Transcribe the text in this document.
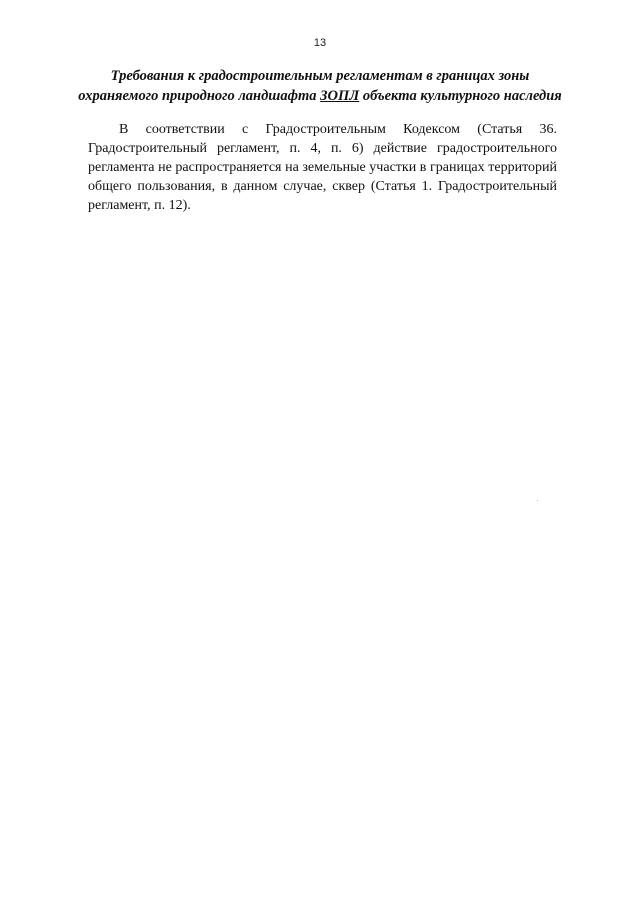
13
Требования к градостроительным регламентам в границах зоны
охраняемого природного ландшафта ЗОПЛ объекта культурного наследия

В соответствии с Градостроительным Кодексом (Статья 36. Градостроительный регламент, п. 4, п. 6) действие градостроительного регламента не распространяется на земельные участки в границах территорий общего пользования, в данном случае, сквер (Статья 1. Градостроительный регламент, п. 12).
